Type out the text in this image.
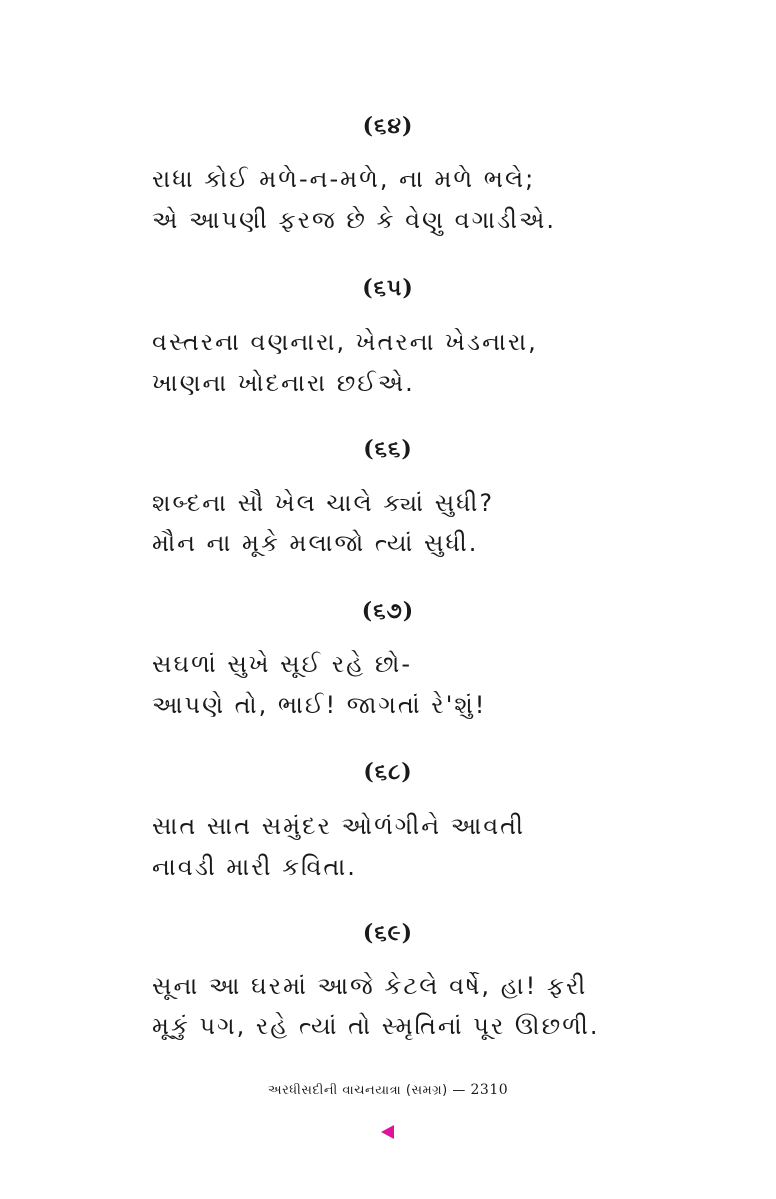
(૬૪)
રાધા કોઈ મળે-ન-મળે, ના મળે ભલે;
એ આપણી ફરજ છે કે વેણુ વગાડીએ.
(૬૫)
વસ્તરના વણનારા, ખેતરના ખેડનારા,
ખાણના ખોદનારા છઈએ.
(૬૬)
શબ્દના સૌ ખેલ ચાલે ક્યાં સુધી?
મૌન ના મૂકે મલાજો ત્યાં સુધી.
(૬૭)
સઘળાં સુખે સૂઈ રહે છો-
આપણે તો, ભાઈ! જાગતાં રે'શું!
(૬૮)
સાત સાત સમુંદર ઓળંગીને આવતી
નાવડી મારી કવિતા.
(૬૯)
સૂના આ ઘરમાં આજે કેટલે વર્ષે, હા! ફરી
મૂકું પગ, રહે ત્યાં તો સ્મૃતિનાં પૂર ઊછળી.
અરધીસદીની વાચનયાત્રા (સમગ્ર) — 2310
